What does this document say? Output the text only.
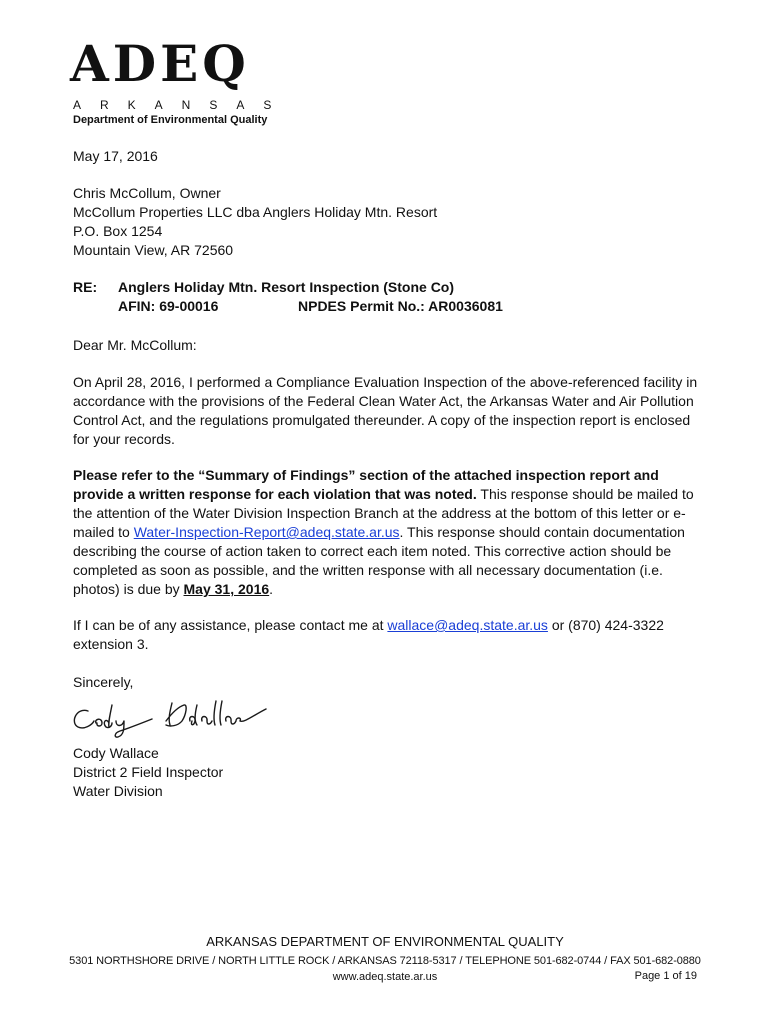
ADEQ
ARKANSAS
Department of Environmental Quality
May 17, 2016
Chris McCollum, Owner
McCollum Properties LLC dba Anglers Holiday Mtn. Resort
P.O. Box 1254
Mountain View, AR 72560
RE: Anglers Holiday Mtn. Resort Inspection (Stone Co)
AFIN: 69-00016	NPDES Permit No.: AR0036081
Dear Mr. McCollum:
On April 28, 2016, I performed a Compliance Evaluation Inspection of the above-referenced facility in accordance with the provisions of the Federal Clean Water Act, the Arkansas Water and Air Pollution Control Act, and the regulations promulgated thereunder. A copy of the inspection report is enclosed for your records.
Please refer to the “Summary of Findings” section of the attached inspection report and provide a written response for each violation that was noted. This response should be mailed to the attention of the Water Division Inspection Branch at the address at the bottom of this letter or e-mailed to Water-Inspection-Report@adeq.state.ar.us. This response should contain documentation describing the course of action taken to correct each item noted. This corrective action should be completed as soon as possible, and the written response with all necessary documentation (i.e. photos) is due by May 31, 2016.
If I can be of any assistance, please contact me at wallace@adeq.state.ar.us or (870) 424-3322 extension 3.
Sincerely,
Cody Wallace
District 2 Field Inspector
Water Division
ARKANSAS DEPARTMENT OF ENVIRONMENTAL QUALITY
5301 NORTHSHORE DRIVE / NORTH LITTLE ROCK / ARKANSAS 72118-5317 / TELEPHONE 501-682-0744 / FAX 501-682-0880
www.adeq.state.ar.us	Page 1 of 19
